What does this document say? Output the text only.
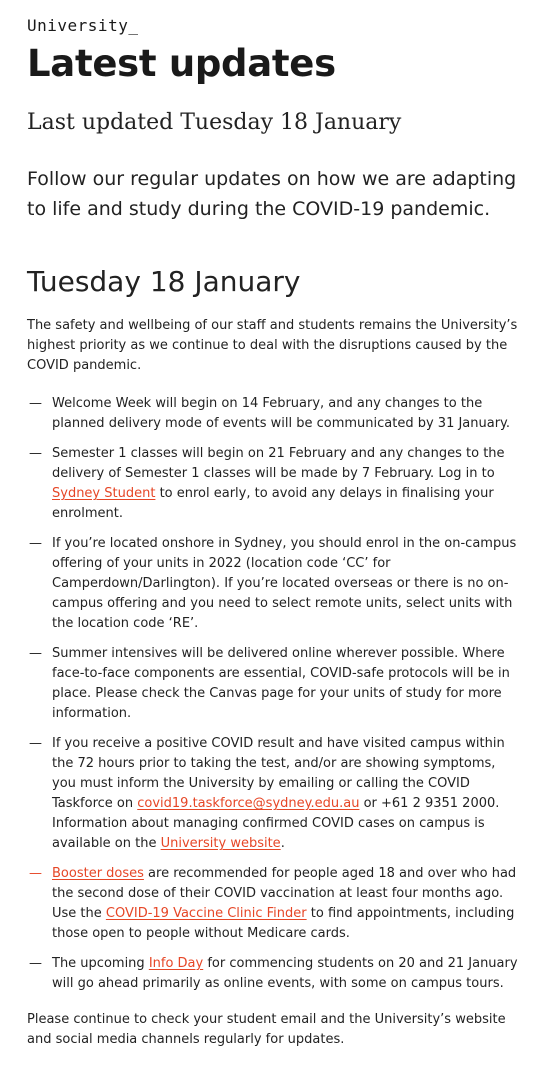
University_

Latest updates

Last updated Tuesday 18 January

Follow our regular updates on how we are adapting to life and study during the COVID-19 pandemic.

Tuesday 18 January

The safety and wellbeing of our staff and students remains the University’s highest priority as we continue to deal with the disruptions caused by the COVID pandemic.

— Welcome Week will begin on 14 February, and any changes to the planned delivery mode of events will be communicated by 31 January.
— Semester 1 classes will begin on 21 February and any changes to the delivery of Semester 1 classes will be made by 7 February. Log in to Sydney Student to enrol early, to avoid any delays in finalising your enrolment.
— If you’re located onshore in Sydney, you should enrol in the on-campus offering of your units in 2022 (location code ‘CC’ for Camperdown/Darlington). If you’re located overseas or there is no on-campus offering and you need to select remote units, select units with the location code ‘RE’.
— Summer intensives will be delivered online wherever possible. Where face-to-face components are essential, COVID-safe protocols will be in place. Please check the Canvas page for your units of study for more information.
— If you receive a positive COVID result and have visited campus within the 72 hours prior to taking the test, and/or are showing symptoms, you must inform the University by emailing or calling the COVID Taskforce on covid19.taskforce@sydney.edu.au or +61 2 9351 2000. Information about managing confirmed COVID cases on campus is available on the University website.
— Booster doses are recommended for people aged 18 and over who had the second dose of their COVID vaccination at least four months ago. Use the COVID-19 Vaccine Clinic Finder to find appointments, including those open to people without Medicare cards.
— The upcoming Info Day for commencing students on 20 and 21 January will go ahead primarily as online events, with some on campus tours.

Please continue to check your student email and the University’s website and social media channels regularly for updates.
